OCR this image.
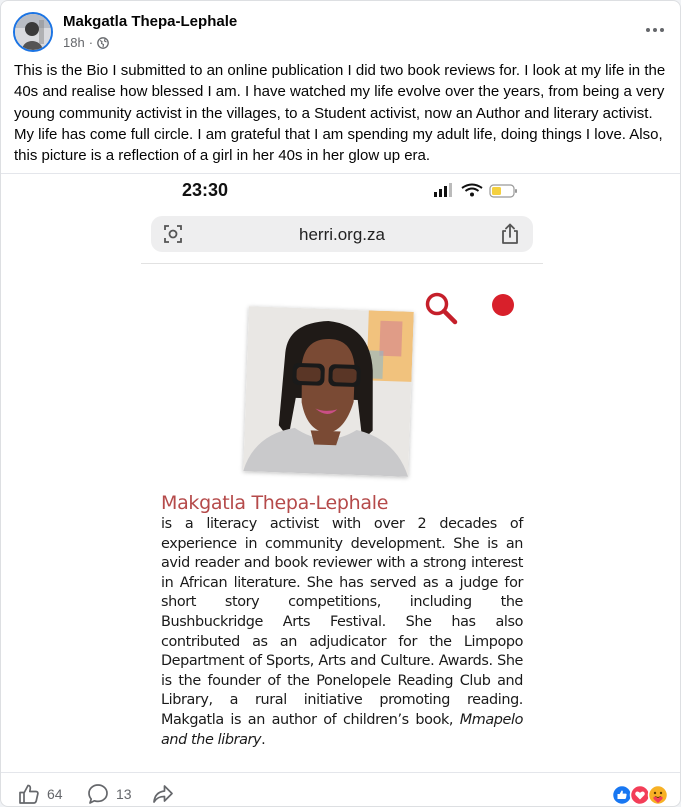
Makgatla Thepa-Lephale
18h ·
This is the Bio I submitted to an online publication I did two book reviews for. I look at my life in the 40s and realise how blessed I am. I have watched my life evolve over the years, from being a very young community activist in the villages, to a Student activist, now an Author and literary activist. My life has come full circle. I am grateful that I am spending my adult life, doing things I love. Also, this picture is a reflection of a girl in her 40s in her glow up era.
23:30
herri.org.za
Makgatla Thepa-Lephale
is a literacy activist with over 2 decades of experience in community development. She is an avid reader and book reviewer with a strong interest in African literature. She has served as a judge for short story competitions, including the Bushbuckridge Arts Festival. She has also contributed as an adjudicator for the Limpopo Department of Sports, Arts and Culture. Awards. She is the founder of the Ponelopele Reading Club and Library, a rural initiative promoting reading. Makgatla is an author of children’s book, Mmapelo and the library.
64	13
